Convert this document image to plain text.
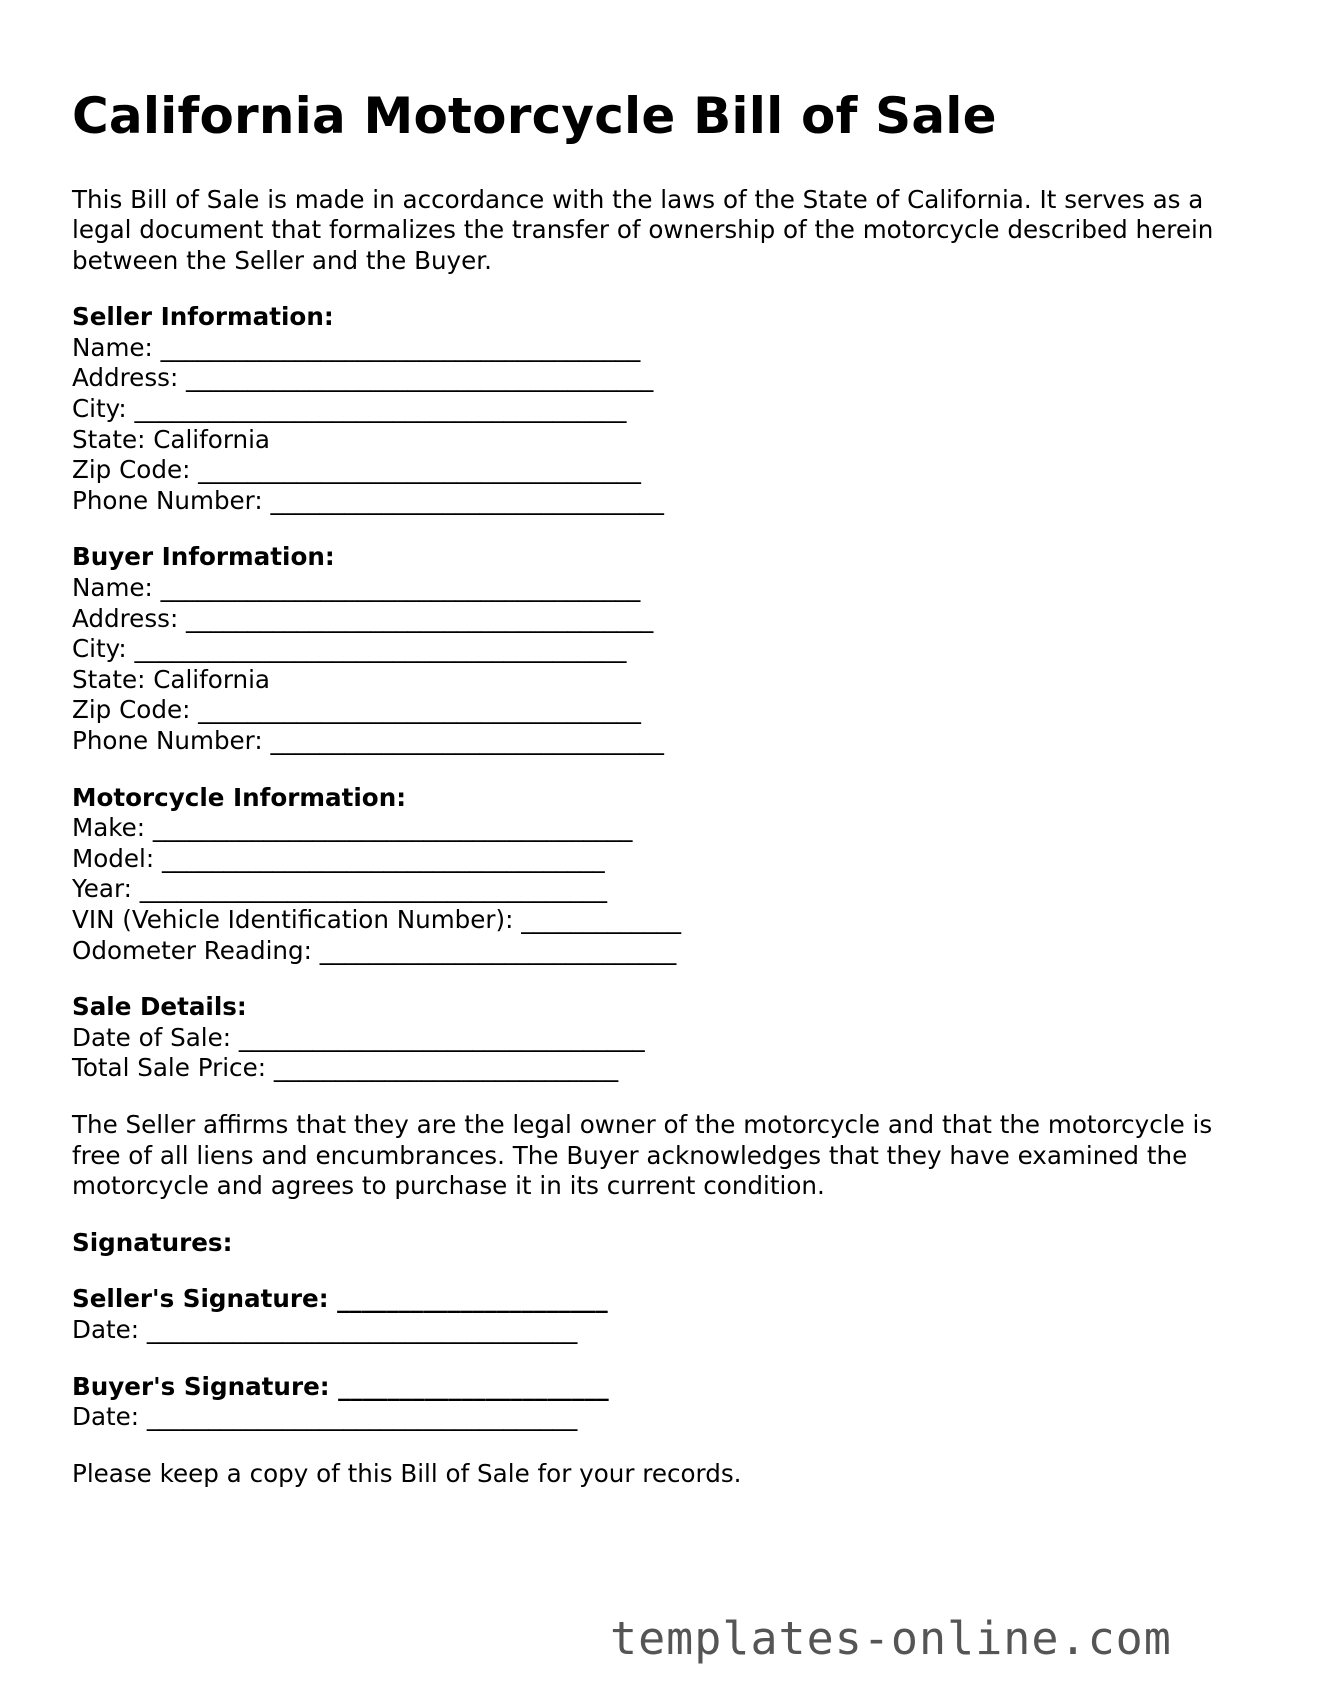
California Motorcycle Bill of Sale

This Bill of Sale is made in accordance with the laws of the State of California. It serves as a legal document that formalizes the transfer of ownership of the motorcycle described herein between the Seller and the Buyer.

Seller Information:
Name: _______________________________________
Address: ______________________________________
City: ________________________________________
State: California
Zip Code: ____________________________________
Phone Number: ________________________________
Buyer Information:
Name: _______________________________________
Address: ______________________________________
City: ________________________________________
State: California
Zip Code: ____________________________________
Phone Number: ________________________________
Motorcycle Information:
Make: _______________________________________
Model: ____________________________________
Year: ______________________________________
VIN (Vehicle Identification Number): _____________
Odometer Reading: _____________________________
Sale Details:
Date of Sale: _________________________________
Total Sale Price: ____________________________

The Seller affirms that they are the legal owner of the motorcycle and that the motorcycle is free of all liens and encumbrances. The Buyer acknowledges that they have examined the motorcycle and agrees to purchase it in its current condition.

Signatures:
Seller's Signature: ______________________
Date: ___________________________________
Buyer's Signature: ______________________
Date: ___________________________________

Please keep a copy of this Bill of Sale for your records.

templates-online.com
